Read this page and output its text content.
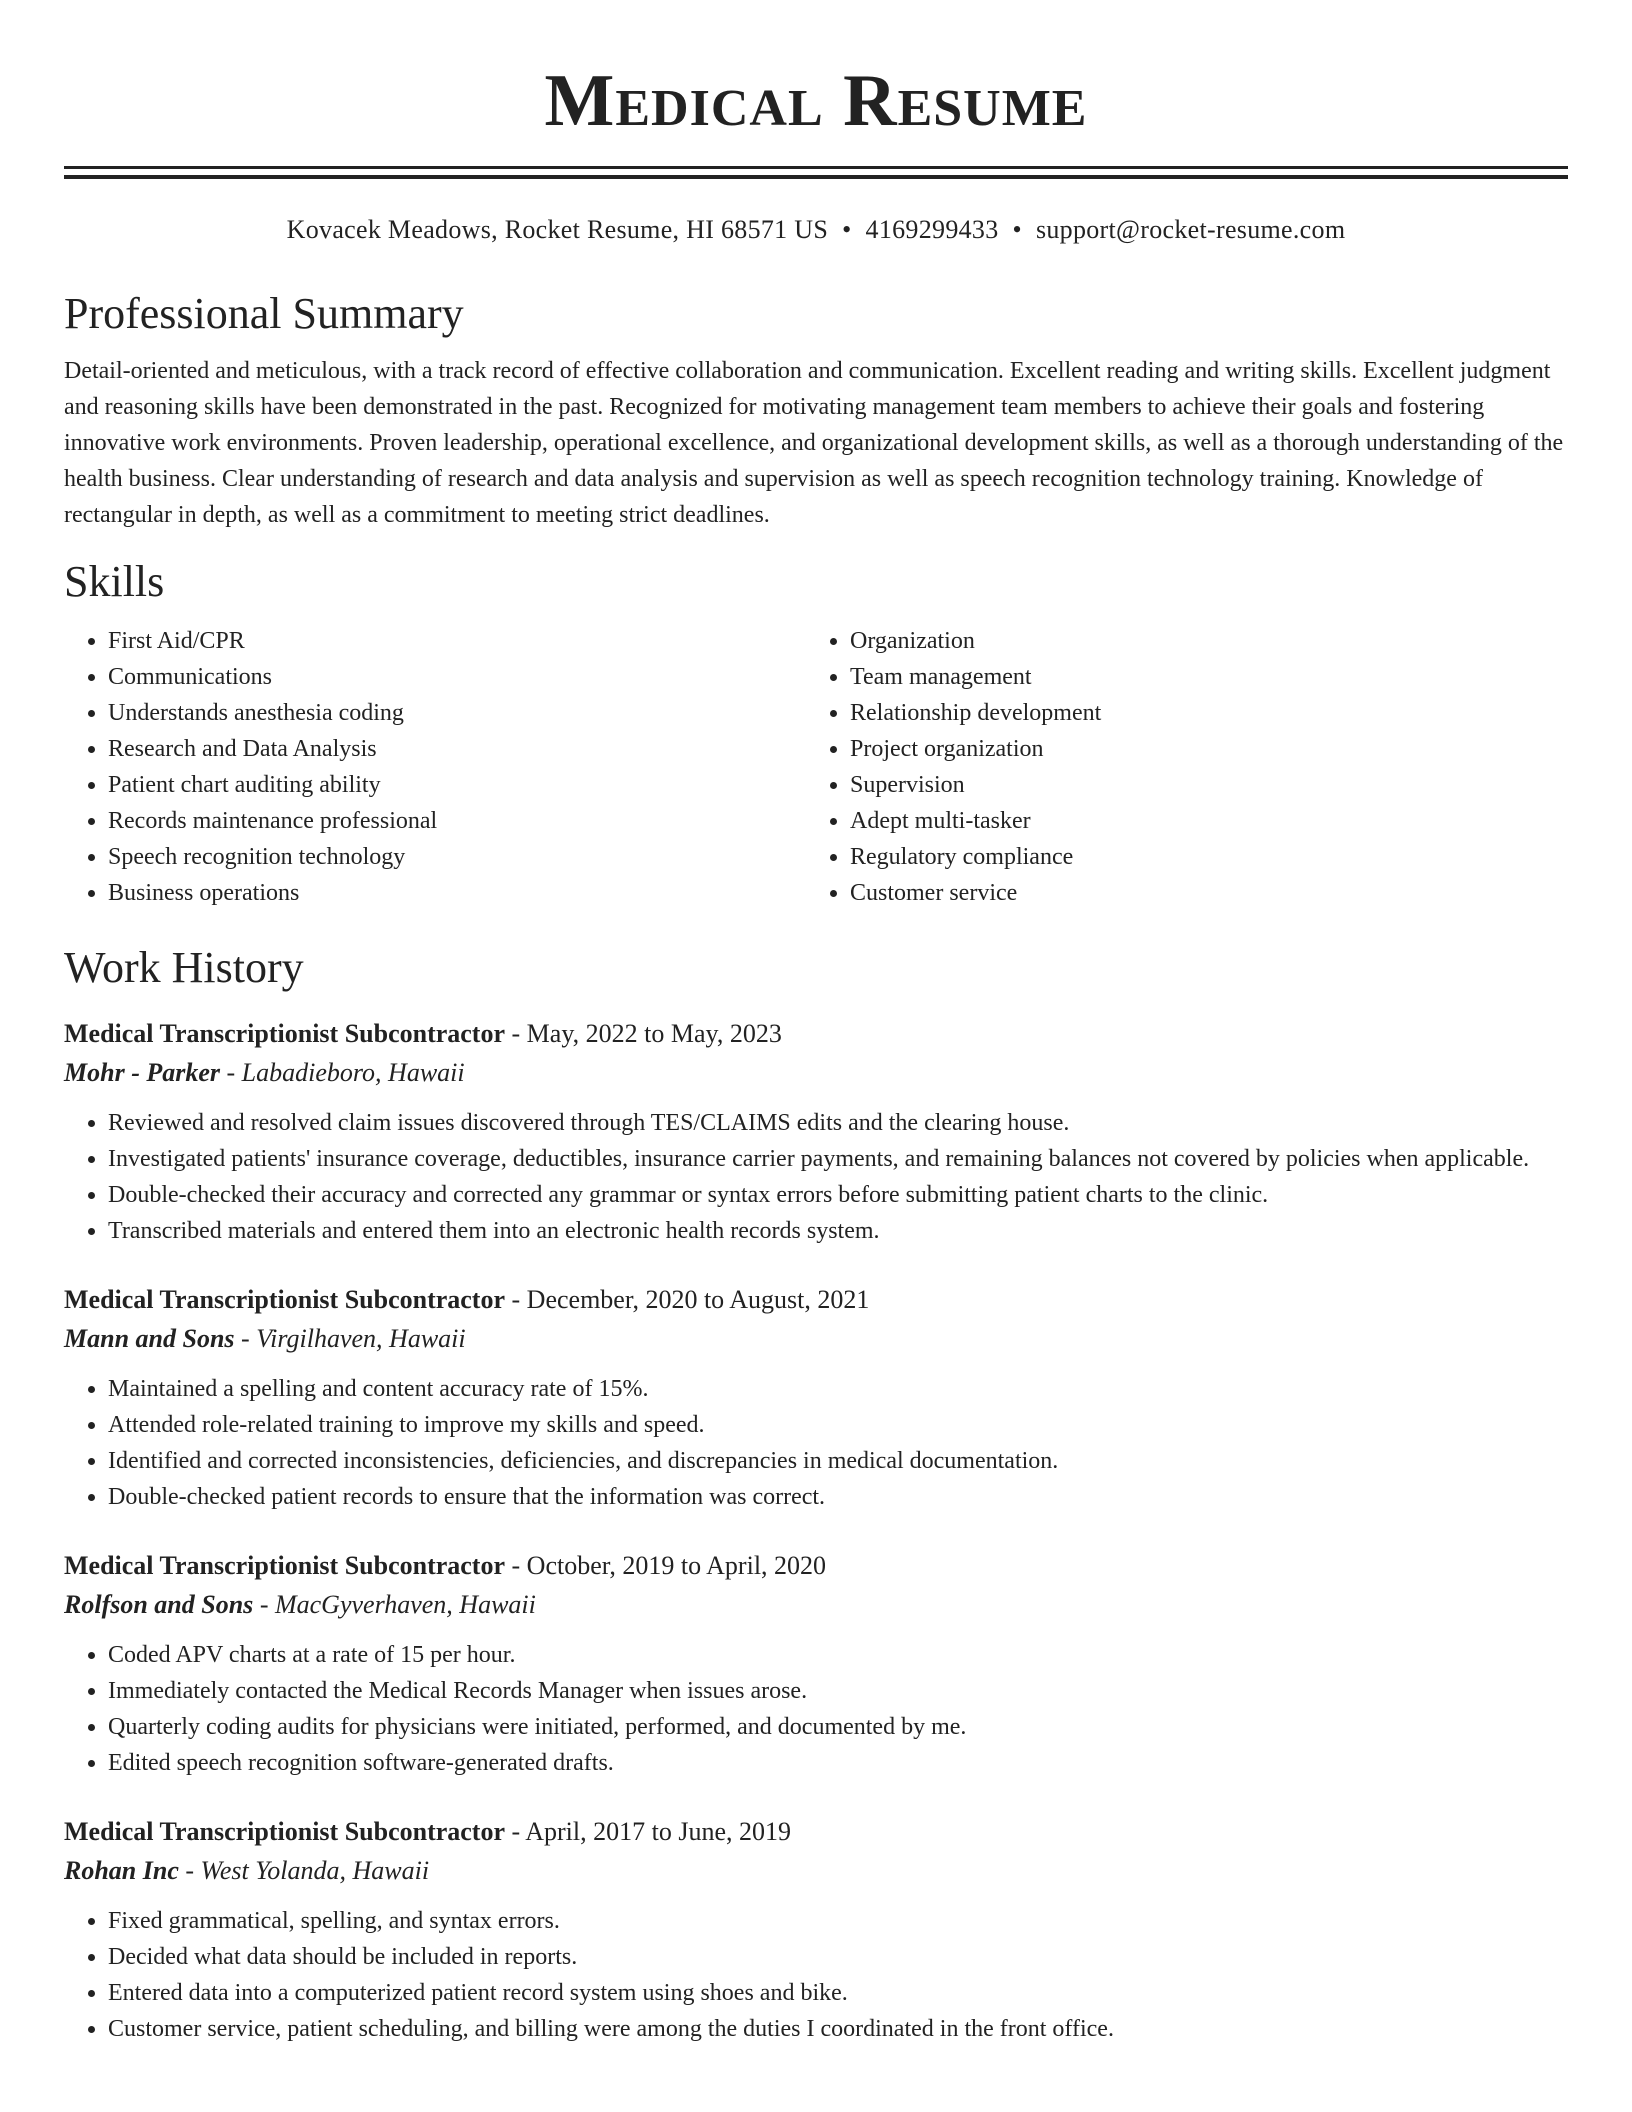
Medical Resume
Kovacek Meadows, Rocket Resume, HI 68571 US • 4169299433 • support@rocket-resume.com
Professional Summary

Detail-oriented and meticulous, with a track record of effective collaboration and communication. Excellent reading and writing skills. Excellent judgment and reasoning skills have been demonstrated in the past. Recognized for motivating management team members to achieve their goals and fostering innovative work environments. Proven leadership, operational excellence, and organizational development skills, as well as a thorough understanding of the health business. Clear understanding of research and data analysis and supervision as well as speech recognition technology training. Knowledge of rectangular in depth, as well as a commitment to meeting strict deadlines.

Skills
• First Aid/CPR
• Communications
• Understands anesthesia coding
• Research and Data Analysis
• Patient chart auditing ability
• Records maintenance professional
• Speech recognition technology
• Business operations
• Organization
• Team management
• Relationship development
• Project organization
• Supervision
• Adept multi-tasker
• Regulatory compliance
• Customer service
Work History
Medical Transcriptionist Subcontractor - May, 2022 to May, 2023
Mohr - Parker - Labadieboro, Hawaii
• Reviewed and resolved claim issues discovered through TES/CLAIMS edits and the clearing house.
• Investigated patients' insurance coverage, deductibles, insurance carrier payments, and remaining balances not covered by policies when applicable.
• Double-checked their accuracy and corrected any grammar or syntax errors before submitting patient charts to the clinic.
• Transcribed materials and entered them into an electronic health records system.
Medical Transcriptionist Subcontractor - December, 2020 to August, 2021
Mann and Sons - Virgilhaven, Hawaii
• Maintained a spelling and content accuracy rate of 15%.
• Attended role-related training to improve my skills and speed.
• Identified and corrected inconsistencies, deficiencies, and discrepancies in medical documentation.
• Double-checked patient records to ensure that the information was correct.
Medical Transcriptionist Subcontractor - October, 2019 to April, 2020
Rolfson and Sons - MacGyverhaven, Hawaii
• Coded APV charts at a rate of 15 per hour.
• Immediately contacted the Medical Records Manager when issues arose.
• Quarterly coding audits for physicians were initiated, performed, and documented by me.
• Edited speech recognition software-generated drafts.
Medical Transcriptionist Subcontractor - April, 2017 to June, 2019
Rohan Inc - West Yolanda, Hawaii
• Fixed grammatical, spelling, and syntax errors.
• Decided what data should be included in reports.
• Entered data into a computerized patient record system using shoes and bike.
• Customer service, patient scheduling, and billing were among the duties I coordinated in the front office.
